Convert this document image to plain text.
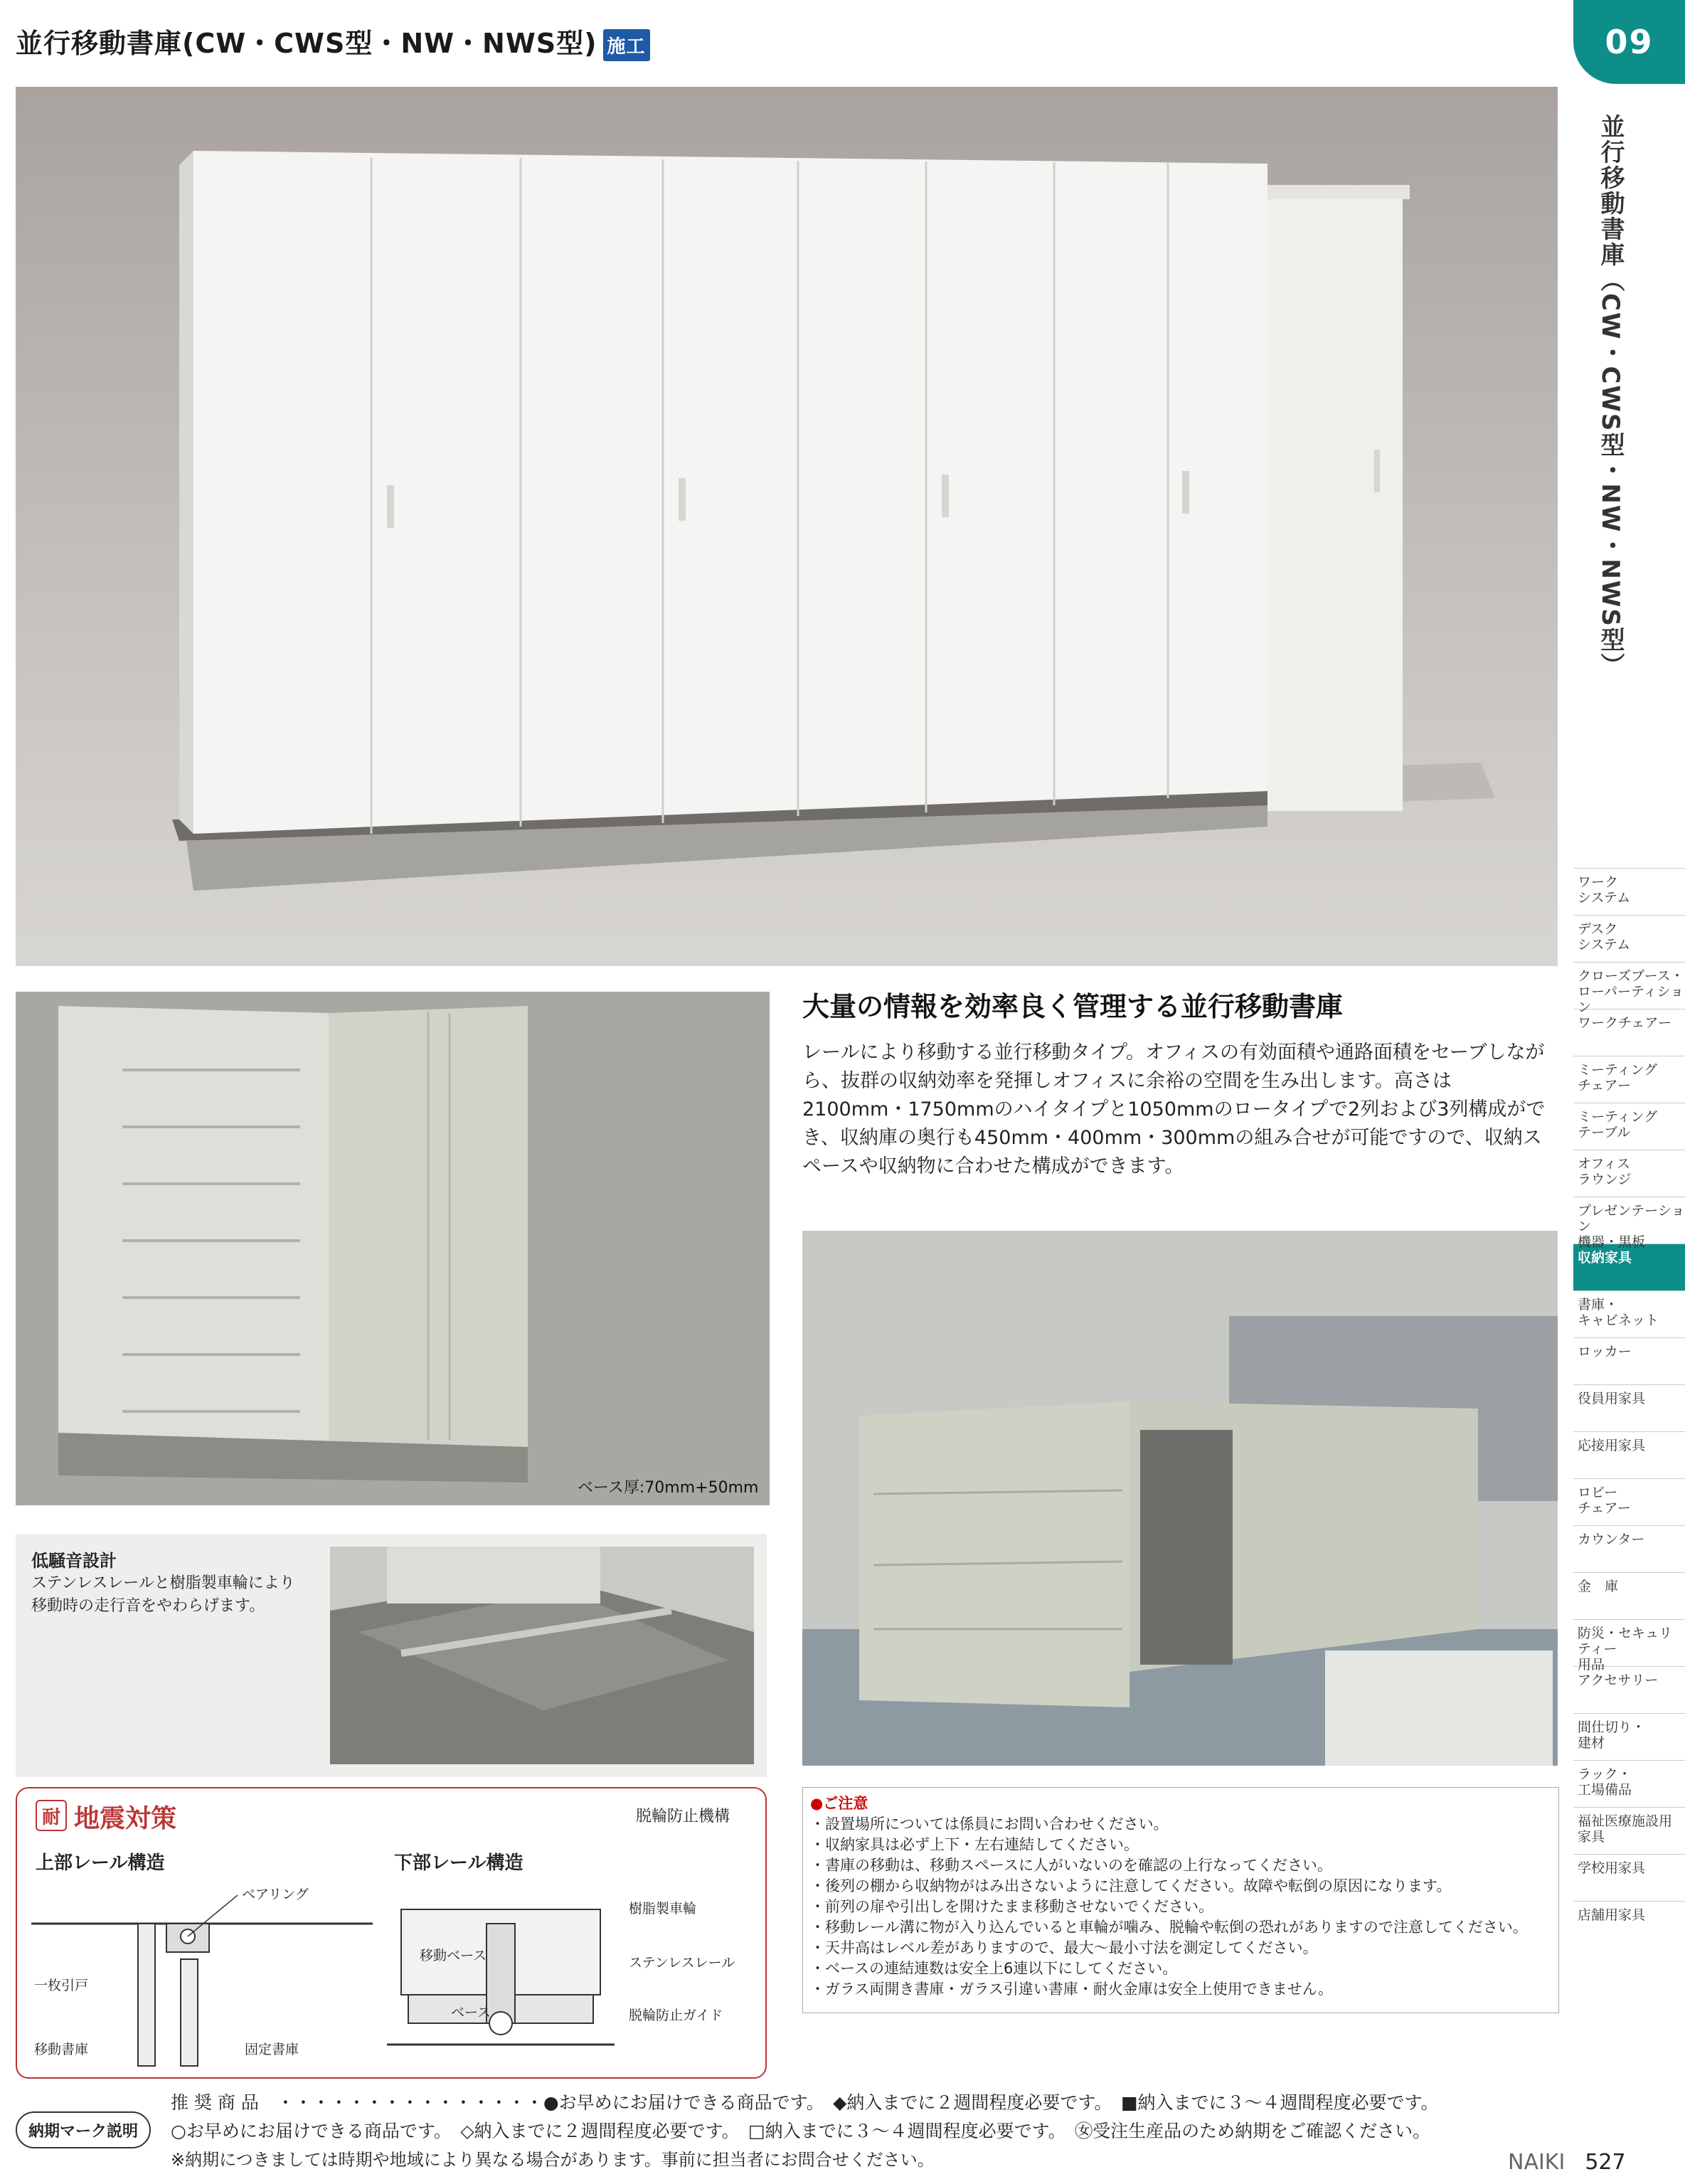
並行移動書庫(CW・CWS型・NW・NWS型) 施工	09
並行移動書庫（CW・CWS型・NW・NWS型）
ベース厚:70mm+50mm
大量の情報を効率良く管理する並行移動書庫
レールにより移動する並行移動タイプ。オフィスの有効面積や通路面積をセーブしながら、抜群の収納効率を発揮しオフィスに余裕の空間を生み出します。高さは2100mm・1750mmのハイタイプと1050mmのロータイプで2列および3列構成ができ、収納庫の奥行も450mm・400mm・300mmの組み合せが可能ですので、収納スペースや収納物に合わせた構成ができます。
低騒音設計
ステンレスレールと樹脂製車輪により
移動時の走行音をやわらげます。
耐 地震対策	脱輪防止機構
上部レール構造	下部レール構造
ベアリング
一枚引戸
移動書庫	固定書庫
樹脂製車輪
移動ベース	ステンレスレール
ベース	脱輪防止ガイド
●ご注意
・設置場所については係員にお問い合わせください。
・収納家具は必ず上下・左右連結してください。
・書庫の移動は、移動スペースに人がいないのを確認の上行なってください。
・後列の棚から収納物がはみ出さないように注意してください。故障や転倒の原因になります。
・前列の扉や引出しを開けたまま移動させないでください。
・移動レール溝に物が入り込んでいると車輪が噛み、脱輪や転倒の恐れがありますので注意してください。
・天井高はレベル差がありますので、最大〜最小寸法を測定してください。
・ベースの連結連数は安全上6連以下にしてください。
・ガラス両開き書庫・ガラス引違い書庫・耐火金庫は安全上使用できません。
ワーク
システム
デスク
システム
クローズブース・
ローパーティション
ワークチェアー
ミーティング
チェアー
ミーティング
テーブル
オフィス
ラウンジ
プレゼンテーション
機器・黒板
収納家具
書庫・
キャビネット
ロッカー
役員用家具
応接用家具
ロビー
チェアー
カウンター
金　庫
防災・セキュリティー
用品
アクセサリー
間仕切り・
建材
ラック・
工場備品
福祉医療施設用
家具
学校用家具
店舗用家具
納期マーク説明
推 奨 商 品　・・・・・・・・・・・・・・・●お早めにお届けできる商品です。　◆納入までに２週間程度必要です。　■納入までに３〜４週間程度必要です。
○お早めにお届けできる商品です。　◇納入までに２週間程度必要です。　□納入までに３〜４週間程度必要です。　㊛受注生産品のため納期をご確認ください。
※納期につきましては時期や地域により異なる場合があります。事前に担当者にお問合せください。	NAIKI 527
